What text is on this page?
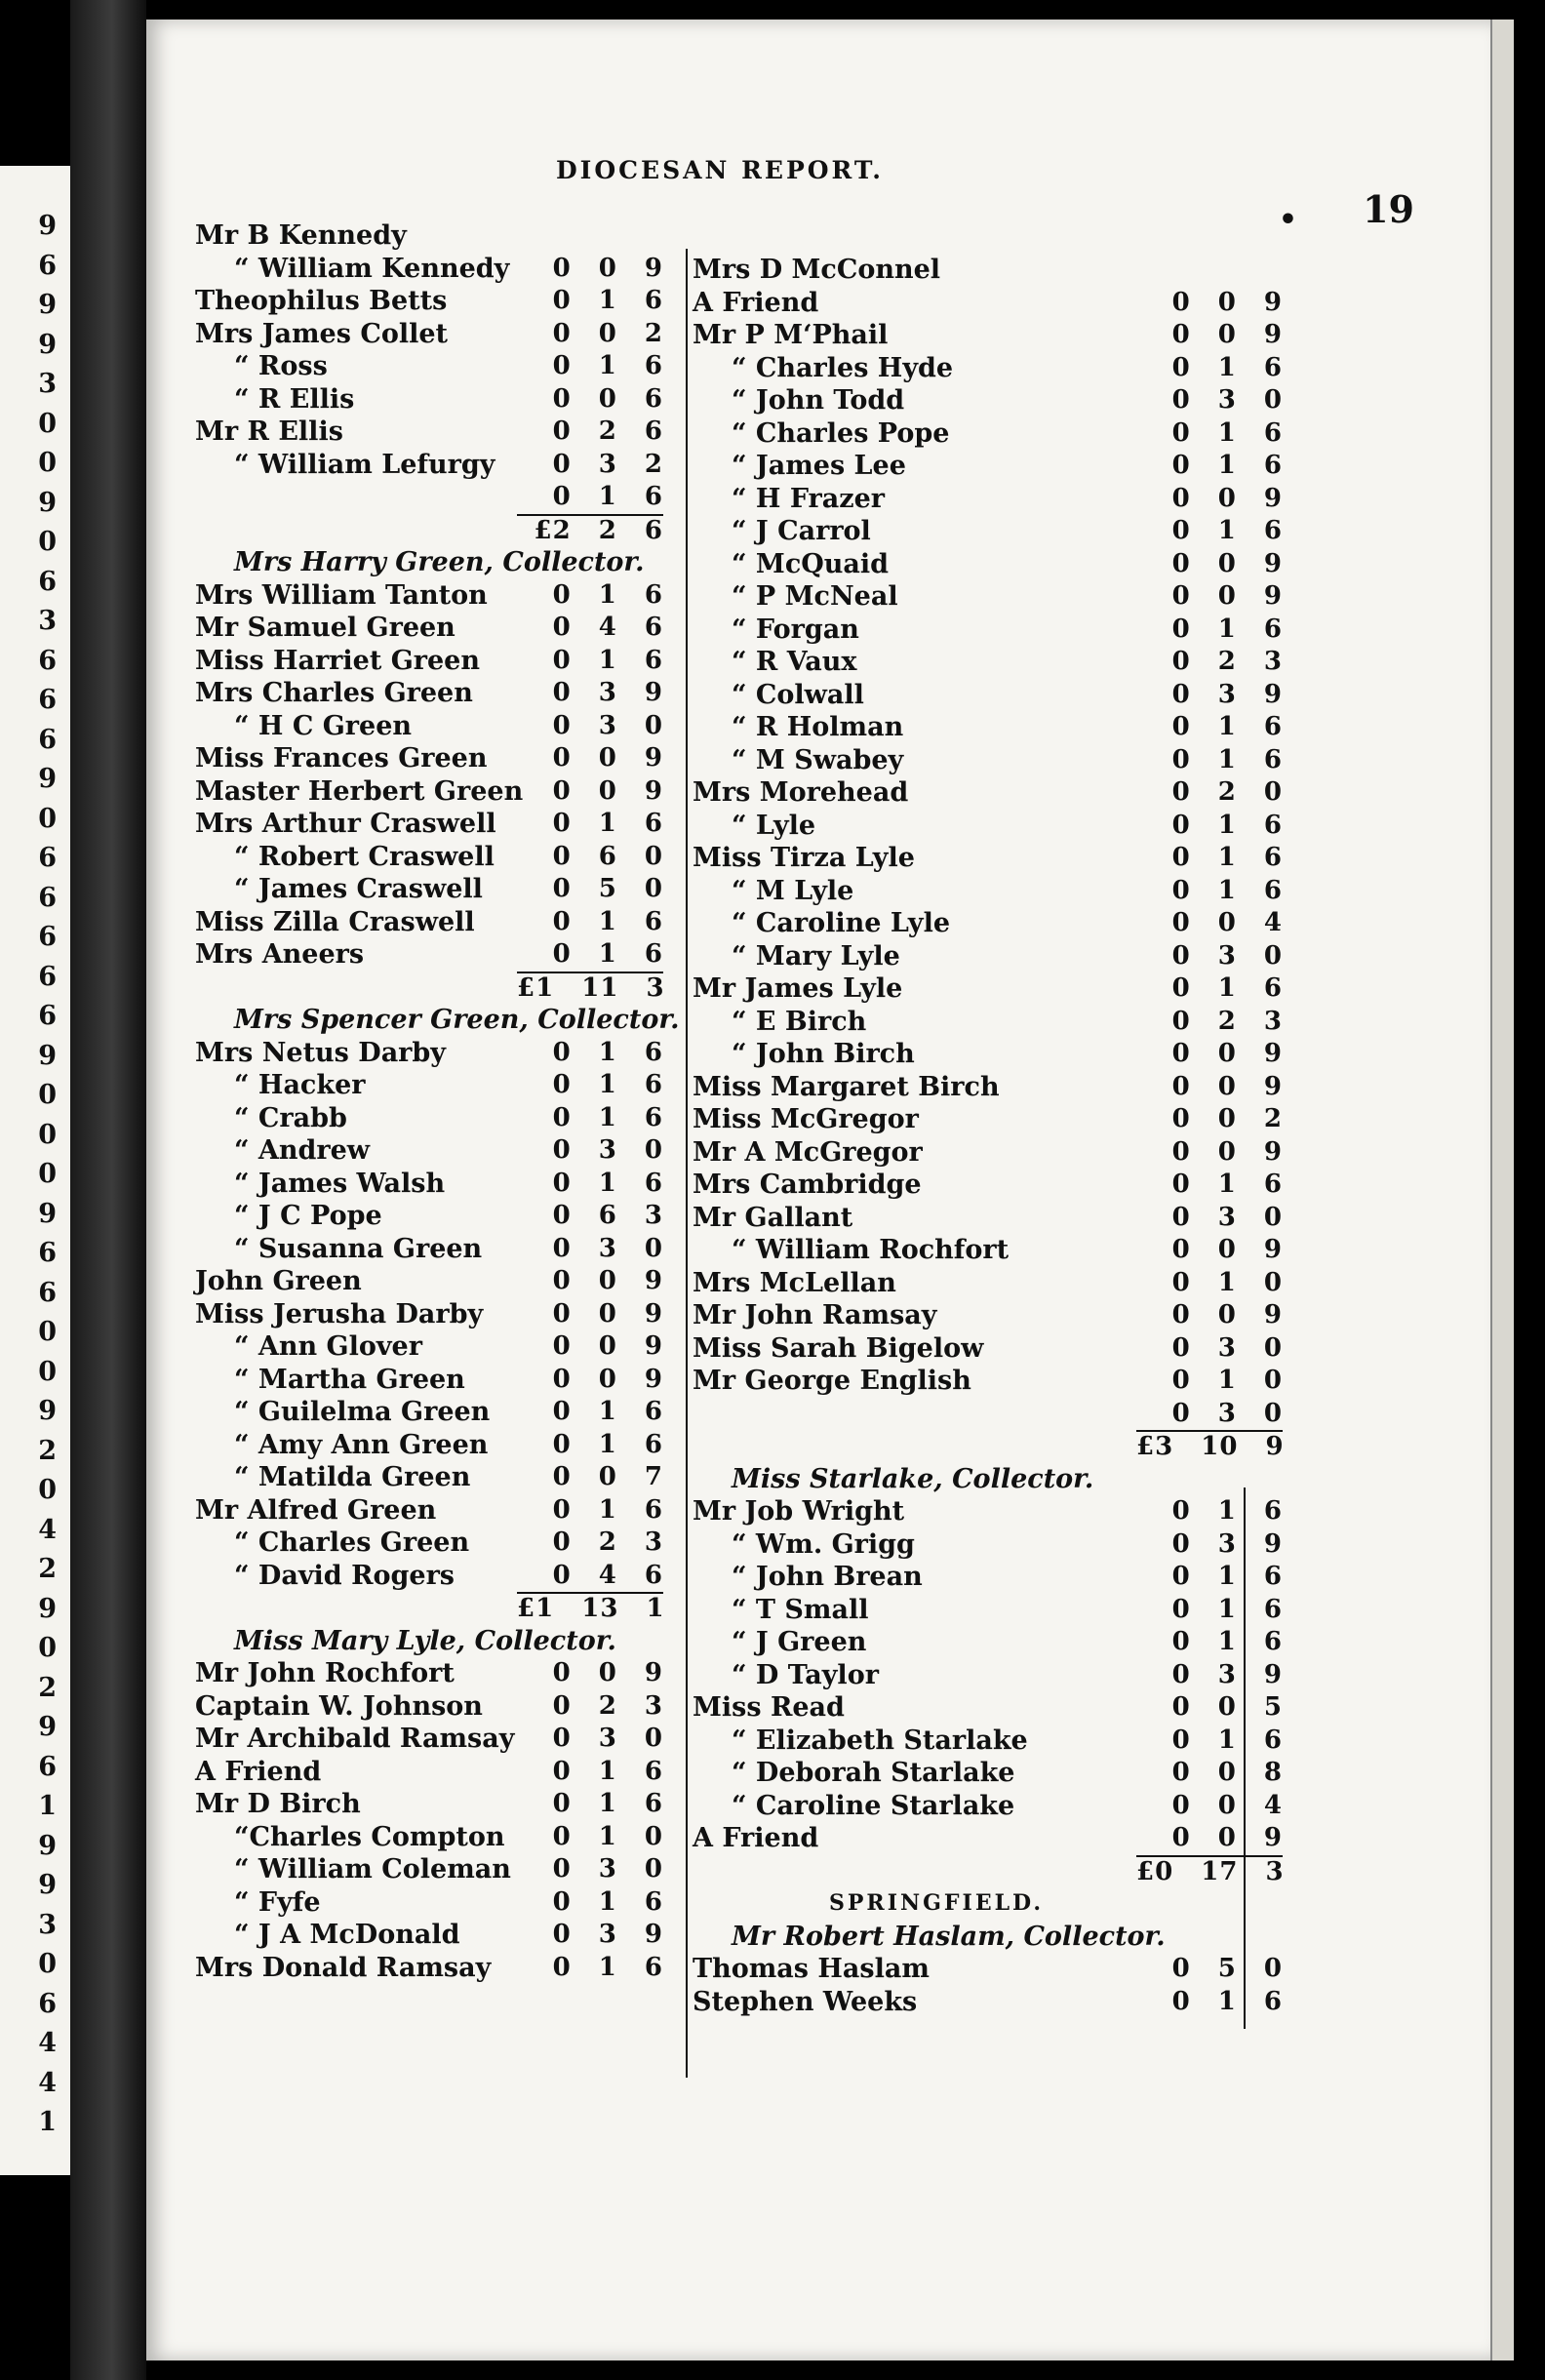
9
6
9
9
3
0
0
9
0
6
3
6
6
6
9
0
6
6
6
6
6
9
0
0
0
9
6
6
0
0
9
2
0
4
2
9
0
2
9
6
1
9
9
3
0
6
4
4
1
DIOCESAN REPORT.
• 19
Mr B Kennedy
“ William Kennedy	0 0 9
Theophilus Betts	0 1 6
Mrs James Collet	0 0 2
“ Ross	0 1 6
“ R Ellis	0 0 6
Mr R Ellis	0 2 6
“ William Lefurgy	0 3 2
0 1 6
£2 2 6
Mrs Harry Green, Collector.
Mrs William Tanton	0 1 6
Mr Samuel Green	0 4 6
Miss Harriet Green	0 1 6
Mrs Charles Green	0 3 9
“ H C Green	0 3 0
Miss Frances Green	0 0 9
Master Herbert Green	0 0 9
Mrs Arthur Craswell	0 1 6
“ Robert Craswell	0 6 0
“ James Craswell	0 5 0
Miss Zilla Craswell	0 1 6
Mrs Aneers	0 1 6
£1 11 3
Mrs Spencer Green, Collector.
Mrs Netus Darby	0 1 6
“ Hacker	0 1 6
“ Crabb	0 1 6
“ Andrew	0 3 0
“ James Walsh	0 1 6
“ J C Pope	0 6 3
“ Susanna Green	0 3 0
John Green	0 0 9
Miss Jerusha Darby	0 0 9
“ Ann Glover	0 0 9
“ Martha Green	0 0 9
“ Guilelma Green	0 1 6
“ Amy Ann Green	0 1 6
“ Matilda Green	0 0 7
Mr Alfred Green	0 1 6
“ Charles Green	0 2 3
“ David Rogers	0 4 6
£1 13 1
Miss Mary Lyle, Collector.
Mr John Rochfort	0 0 9
Captain W. Johnson	0 2 3
Mr Archibald Ramsay	0 3 0
A Friend	0 1 6
Mr D Birch	0 1 6
“Charles Compton	0 1 0
“ William Coleman	0 3 0
“ Fyfe	0 1 6
“ J A McDonald	0 3 9
Mrs Donald Ramsay	0 1 6
Mrs D McConnel
A Friend	0 0 9
Mr P M‘Phail	0 0 9
“ Charles Hyde	0 1 6
“ John Todd	0 3 0
“ Charles Pope	0 1 6
“ James Lee	0 1 6
“ H Frazer	0 0 9
“ J Carrol	0 1 6
“ McQuaid	0 0 9
“ P McNeal	0 0 9
“ Forgan	0 1 6
“ R Vaux	0 2 3
“ Colwall	0 3 9
“ R Holman	0 1 6
“ M Swabey	0 1 6
Mrs Morehead	0 2 0
“ Lyle	0 1 6
Miss Tirza Lyle	0 1 6
“ M Lyle	0 1 6
“ Caroline Lyle	0 0 4
“ Mary Lyle	0 3 0
Mr James Lyle	0 1 6
“ E Birch	0 2 3
“ John Birch	0 0 9
Miss Margaret Birch	0 0 9
Miss McGregor	0 0 2
Mr A McGregor	0 0 9
Mrs Cambridge	0 1 6
Mr Gallant	0 3 0
“ William Rochfort	0 0 9
Mrs McLellan	0 1 0
Mr John Ramsay	0 0 9
Miss Sarah Bigelow	0 3 0
Mr George English	0 1 0
0 3 0
£3 10 9
Miss Starlake, Collector.
Mr Job Wright	0 1 6
“ Wm. Grigg	0 3 9
“ John Brean	0 1 6
“ T Small	0 1 6
“ J Green	0 1 6
“ D Taylor	0 3 9
Miss Read	0 0 5
“ Elizabeth Starlake	0 1 6
“ Deborah Starlake	0 0 8
“ Caroline Starlake	0 0 4
A Friend	0 0 9
£0 17 3
SPRINGFIELD.
Mr Robert Haslam, Collector.
Thomas Haslam	0 5 0
Stephen Weeks	0 1 6
